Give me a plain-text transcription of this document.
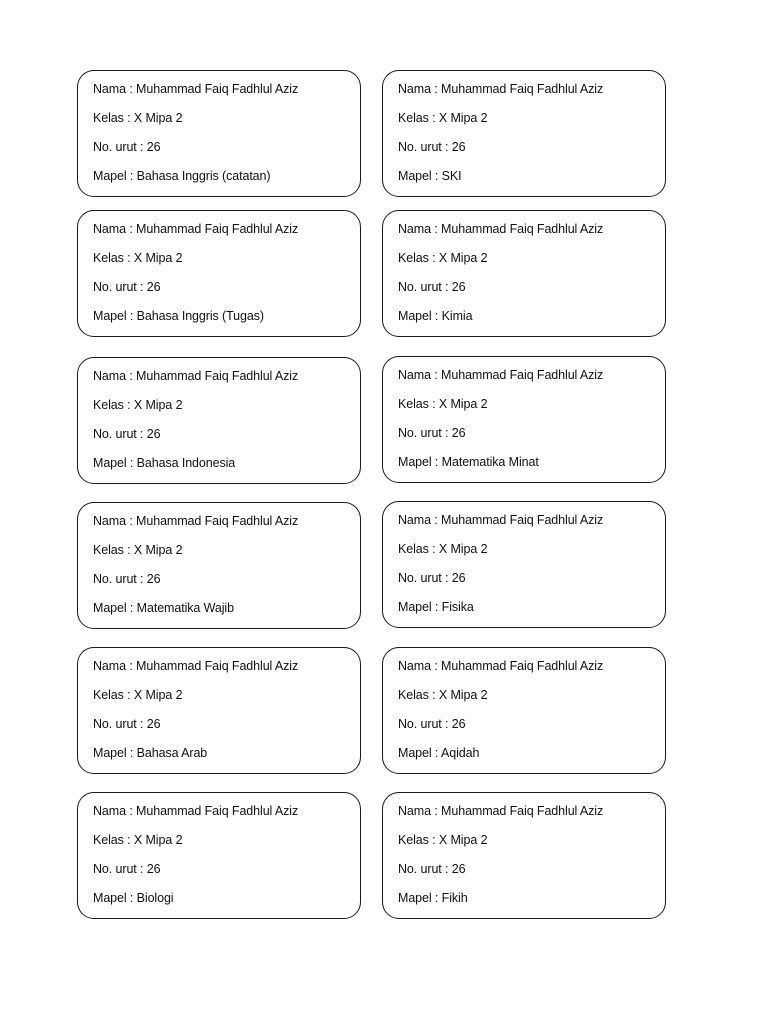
Nama : Muhammad Faiq Fadhlul Aziz
Kelas : X Mipa 2
No. urut : 26
Mapel : Bahasa Inggris (catatan)
Nama : Muhammad Faiq Fadhlul Aziz
Kelas : X Mipa 2
No. urut : 26
Mapel : SKI
Nama : Muhammad Faiq Fadhlul Aziz
Kelas : X Mipa 2
No. urut : 26
Mapel : Bahasa Inggris (Tugas)
Nama : Muhammad Faiq Fadhlul Aziz
Kelas : X Mipa 2
No. urut : 26
Mapel : Kimia
Nama : Muhammad Faiq Fadhlul Aziz
Kelas : X Mipa 2
No. urut : 26
Mapel : Bahasa Indonesia
Nama : Muhammad Faiq Fadhlul Aziz
Kelas : X Mipa 2
No. urut : 26
Mapel : Matematika Minat
Nama : Muhammad Faiq Fadhlul Aziz
Kelas : X Mipa 2
No. urut : 26
Mapel : Matematika Wajib
Nama : Muhammad Faiq Fadhlul Aziz
Kelas : X Mipa 2
No. urut : 26
Mapel : Fisika
Nama : Muhammad Faiq Fadhlul Aziz
Kelas : X Mipa 2
No. urut : 26
Mapel : Bahasa Arab
Nama : Muhammad Faiq Fadhlul Aziz
Kelas : X Mipa 2
No. urut : 26
Mapel : Aqidah
Nama : Muhammad Faiq Fadhlul Aziz
Kelas : X Mipa 2
No. urut : 26
Mapel : Biologi
Nama : Muhammad Faiq Fadhlul Aziz
Kelas : X Mipa 2
No. urut : 26
Mapel : Fikih
